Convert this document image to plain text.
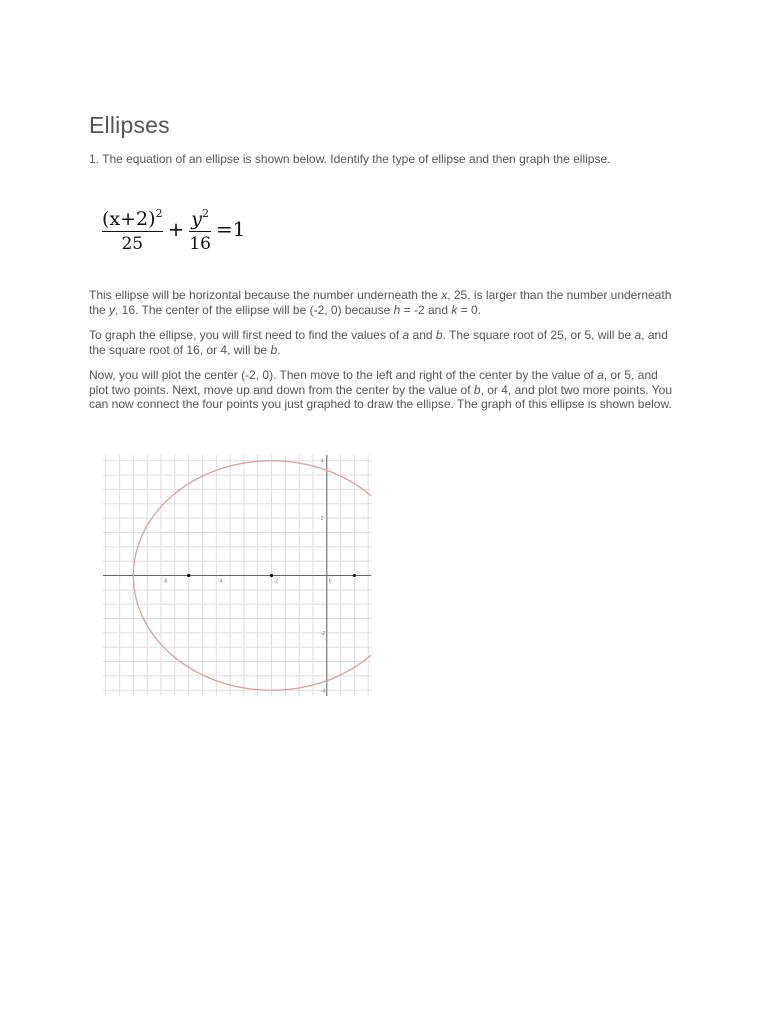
Ellipses

1. The equation of an ellipse is shown below. Identify the type of ellipse and then graph the ellipse.

$\frac{(x+2)^2}{25} + \frac{y^2}{16} =1$

This ellipse will be horizontal because the number underneath the x, 25, is larger than the number underneath the y, 16. The center of the ellipse will be (-2, 0) because h = -2 and k = 0.

To graph the ellipse, you will first need to find the values of a and b. The square root of 25, or 5, will be a, and the square root of 16, or 4, will be b.

Now, you will plot the center (-2, 0). Then move to the left and right of the center by the value of a, or 5, and plot two points. Next, move up and down from the center by the value of b, or 4, and plot two more points. You can now connect the four points you just graphed to draw the ellipse. The graph of this ellipse is shown below.

-6	-4	-2	0
4
2
-2
-4
